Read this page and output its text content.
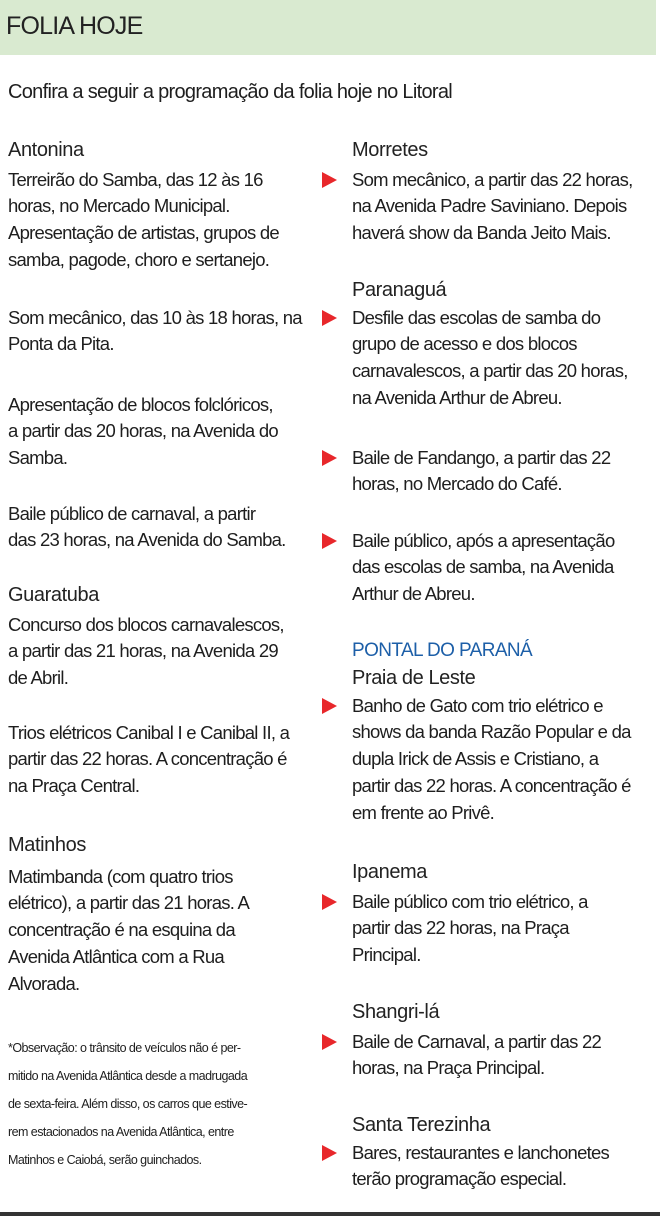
FOLIA HOJE
Confira a seguir a programação da folia hoje no Litoral
Antonina
Terreirão do Samba, das 12 às 16
horas, no Mercado Municipal.
Apresentação de artistas, grupos de
samba, pagode, choro e sertanejo.
Som mecânico, das 10 às 18 horas, na
Ponta da Pita.
Apresentação de blocos folclóricos,
a partir das 20 horas, na Avenida do
Samba.
Baile público de carnaval, a partir
das 23 horas, na Avenida do Samba.
Guaratuba
Concurso dos blocos carnavalescos,
a partir das 21 horas, na Avenida 29
de Abril.
Trios elétricos Canibal I e Canibal II, a
partir das 22 horas. A concentração é
na Praça Central.
Matinhos
Matimbanda (com quatro trios
elétrico), a partir das 21 horas. A
concentração é na esquina da
Avenida Atlântica com a Rua
Alvorada.
*Observação: o trânsito de veículos não é per-
mitido na Avenida Atlântica desde a madrugada
de sexta-feira. Além disso, os carros que estive-
rem estacionados na Avenida Atlântica, entre
Matinhos e Caiobá, serão guinchados.
Morretes
Som mecânico, a partir das 22 horas,
na Avenida Padre Saviniano. Depois
haverá show da Banda Jeito Mais.
Paranaguá
Desfile das escolas de samba do
grupo de acesso e dos blocos
carnavalescos, a partir das 20 horas,
na Avenida Arthur de Abreu.
Baile de Fandango, a partir das 22
horas, no Mercado do Café.
Baile público, após a apresentação
das escolas de samba, na Avenida
Arthur de Abreu.
PONTAL DO PARANÁ
Praia de Leste
Banho de Gato com trio elétrico e
shows da banda Razão Popular e da
dupla Irick de Assis e Cristiano, a
partir das 22 horas. A concentração é
em frente ao Privê.
Ipanema
Baile público com trio elétrico, a
partir das 22 horas, na Praça
Principal.
Shangri-lá
Baile de Carnaval, a partir das 22
horas, na Praça Principal.
Santa Terezinha
Bares, restaurantes e lanchonetes
terão programação especial.
